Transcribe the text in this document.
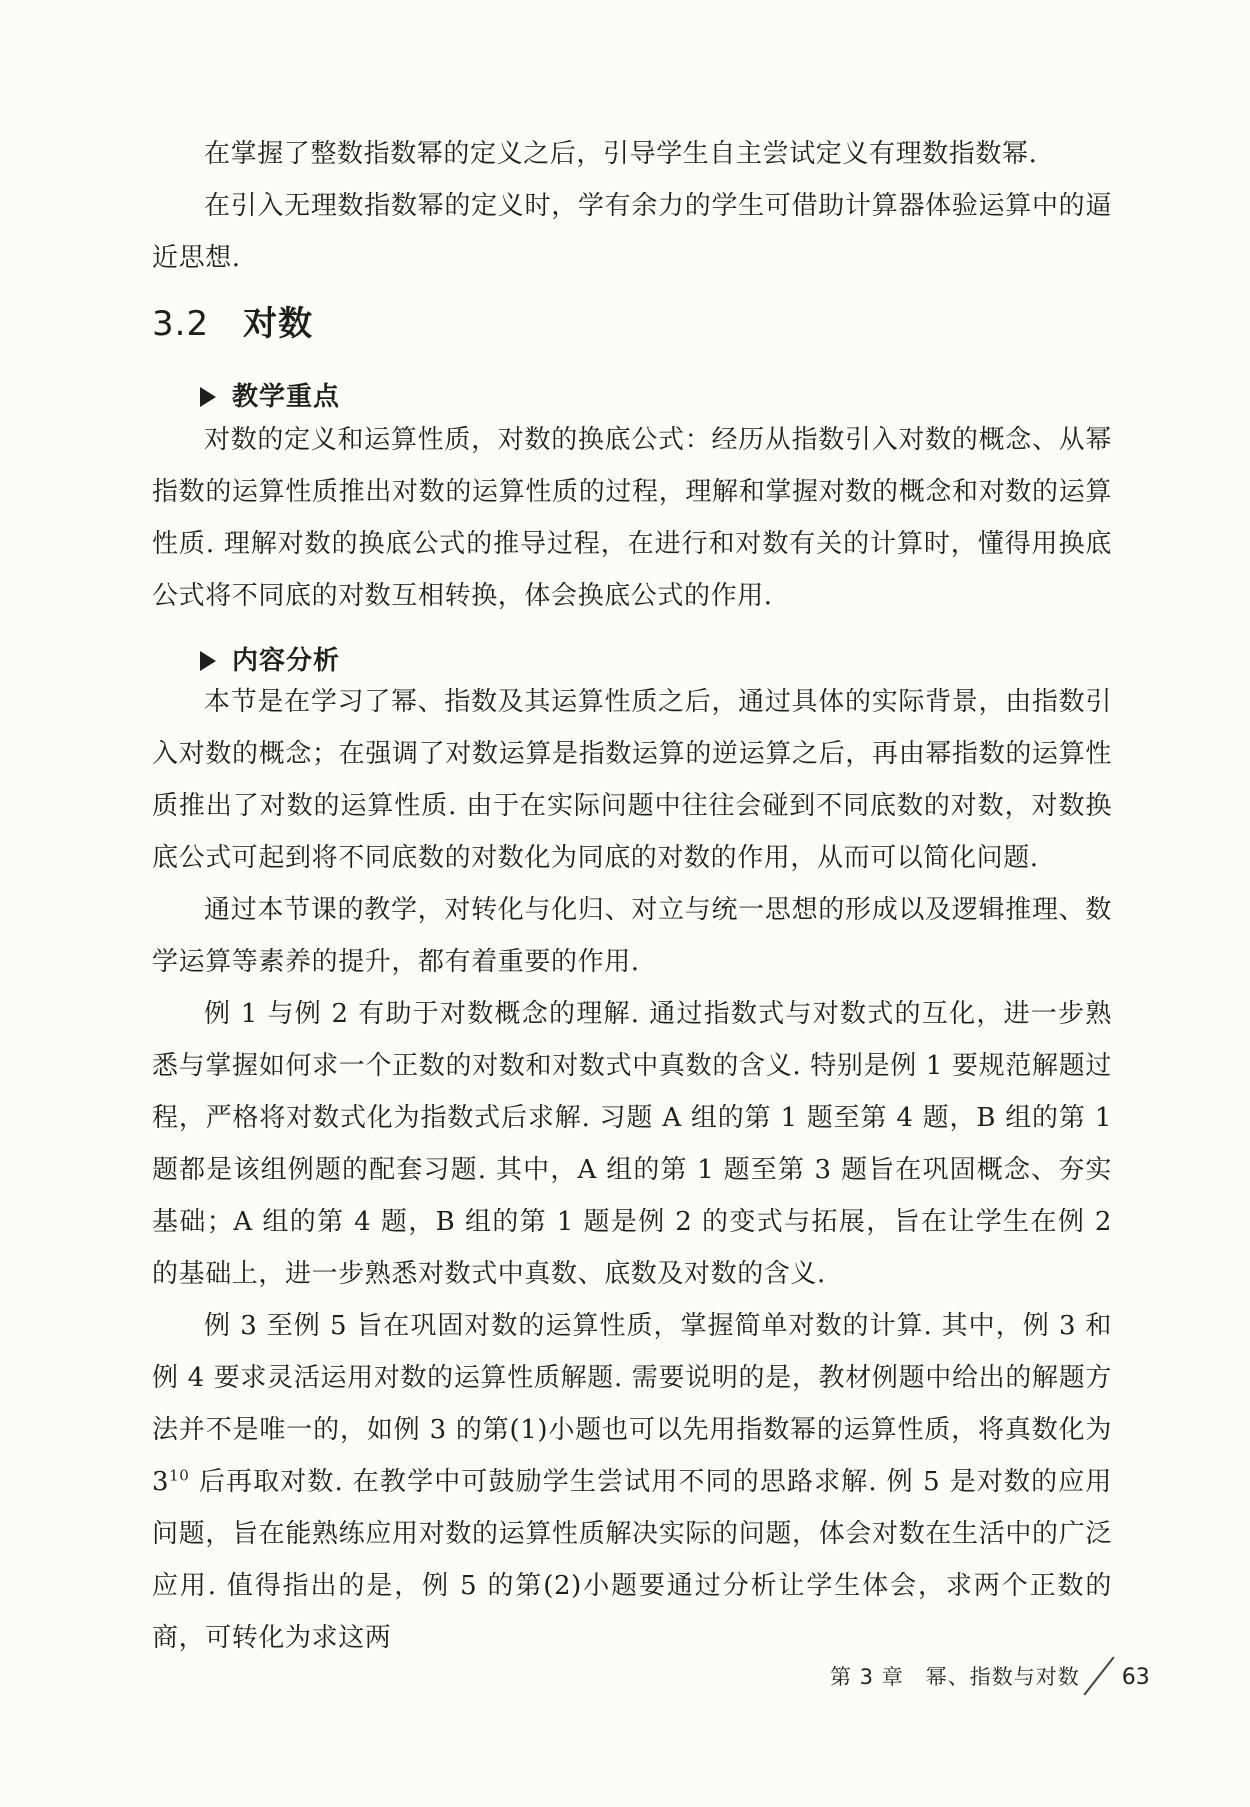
在掌握了整数指数幂的定义之后，引导学生自主尝试定义有理数指数幂.

在引入无理数指数幂的定义时，学有余力的学生可借助计算器体验运算中的逼近思想.

3.2 对数
教学重点

对数的定义和运算性质，对数的换底公式：经历从指数引入对数的概念、从幂指数的运算性质推出对数的运算性质的过程，理解和掌握对数的概念和对数的运算性质. 理解对数的换底公式的推导过程，在进行和对数有关的计算时，懂得用换底公式将不同底的对数互相转换，体会换底公式的作用.

内容分析

本节是在学习了幂、指数及其运算性质之后，通过具体的实际背景，由指数引入对数的概念；在强调了对数运算是指数运算的逆运算之后，再由幂指数的运算性质推出了对数的运算性质. 由于在实际问题中往往会碰到不同底数的对数，对数换底公式可起到将不同底数的对数化为同底的对数的作用，从而可以简化问题.

通过本节课的教学，对转化与化归、对立与统一思想的形成以及逻辑推理、数学运算等素养的提升，都有着重要的作用.

例 1 与例 2 有助于对数概念的理解. 通过指数式与对数式的互化，进一步熟悉与掌握如何求一个正数的对数和对数式中真数的含义. 特别是例 1 要规范解题过程，严格将对数式化为指数式后求解. 习题 A 组的第 1 题至第 4 题，B 组的第 1 题都是该组例题的配套习题. 其中，A 组的第 1 题至第 3 题旨在巩固概念、夯实基础；A 组的第 4 题，B 组的第 1 题是例 2 的变式与拓展，旨在让学生在例 2 的基础上，进一步熟悉对数式中真数、底数及对数的含义.

例 3 至例 5 旨在巩固对数的运算性质，掌握简单对数的计算. 其中，例 3 和例 4 要求灵活运用对数的运算性质解题. 需要说明的是，教材例题中给出的解题方法并不是唯一的，如例 3 的第(1)小题也可以先用指数幂的运算性质，将真数化为 $3^{10}$ 后再取对数. 在教学中可鼓励学生尝试用不同的思路求解. 例 5 是对数的应用问题，旨在能熟练应用对数的运算性质解决实际的问题，体会对数在生活中的广泛应用. 值得指出的是，例 5 的第(2)小题要通过分析让学生体会，求两个正数的商，可转化为求这两

第 3 章　幂、指数与对数 63
